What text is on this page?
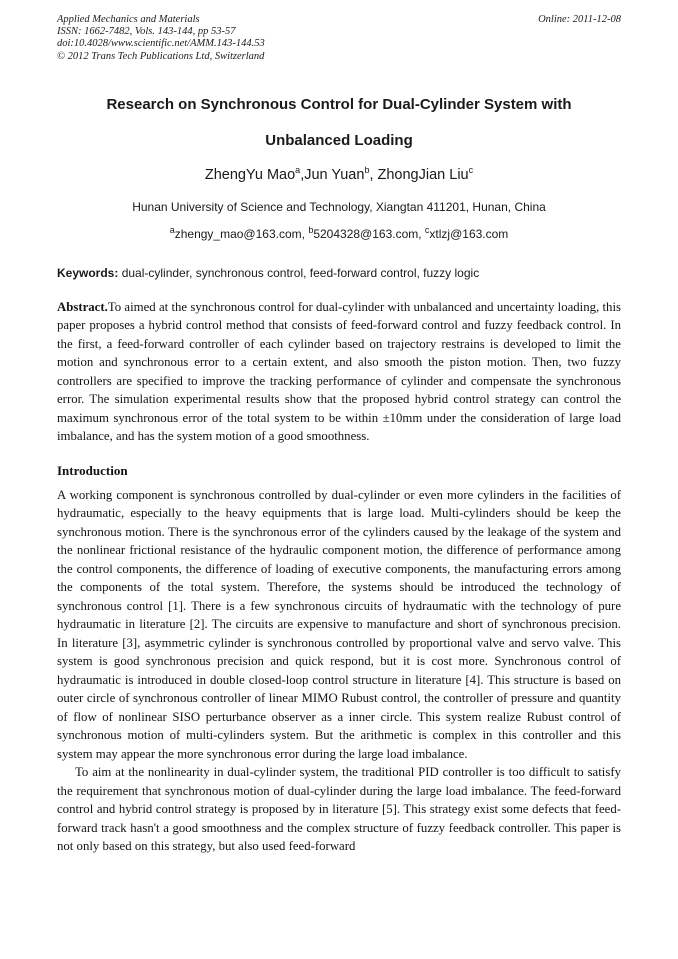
Applied Mechanics and Materials
ISSN: 1662-7482, Vols. 143-144, pp 53-57
doi:10.4028/www.scientific.net/AMM.143-144.53
© 2012 Trans Tech Publications Ltd, Switzerland
Online: 2011-12-08
Research on Synchronous Control for Dual-Cylinder System with
Unbalanced Loading
ZhengYu Mao$^a$,Jun Yuan$^b$, ZhongJian Liu$^c$
Hunan University of Science and Technology, Xiangtan 411201, Hunan, China
$^a$zhengy_mao@163.com, $^b$5204328@163.com, $^c$xtlzj@163.com
Keywords: dual-cylinder, synchronous control, feed-forward control, fuzzy logic

Abstract.To aimed at the synchronous control for dual-cylinder with unbalanced and uncertainty loading, this paper proposes a hybrid control method that consists of feed-forward control and fuzzy feedback control. In the first, a feed-forward controller of each cylinder based on trajectory restrains is developed to limit the motion and synchronous error to a certain extent, and also smooth the piston motion. Then, two fuzzy controllers are specified to improve the tracking performance of cylinder and compensate the synchronous error. The simulation experimental results show that the proposed hybrid control strategy can control the maximum synchronous error of the total system to be within ±10mm under the consideration of large load imbalance, and has the system motion of a good smoothness.

Introduction

A working component is synchronous controlled by dual-cylinder or even more cylinders in the facilities of hydraumatic, especially to the heavy equipments that is large load. Multi-cylinders should be keep the synchronous motion. There is the synchronous error of the cylinders caused by the leakage of the system and the nonlinear frictional resistance of the hydraulic component motion, the difference of performance among the control components, the difference of loading of executive components, the manufacturing errors among the components of the total system. Therefore, the systems should be introduced the technology of synchronous control [1]. There is a few synchronous circuits of hydraumatic with the technology of pure hydraumatic in literature [2]. The circuits are expensive to manufacture and short of synchronous precision. In literature [3], asymmetric cylinder is synchronous controlled by proportional valve and servo valve. This system is good synchronous precision and quick respond, but it is cost more. Synchronous control of hydraumatic is introduced in double closed-loop control structure in literature [4]. This structure is based on outer circle of synchronous controller of linear MIMO Rubust control, the controller of pressure and quantity of flow of nonlinear SISO perturbance observer as a inner circle. This system realize Rubust control of synchronous motion of multi-cylinders system. But the arithmetic is complex in this controller and this system may appear the more synchronous error during the large load imbalance.

To aim at the nonlinearity in dual-cylinder system, the traditional PID controller is too difficult to satisfy the requirement that synchronous motion of dual-cylinder during the large load imbalance. The feed-forward control and hybrid control strategy is proposed by in literature [5]. This strategy exist some defects that feed-forward track hasn't a good smoothness and the complex structure of fuzzy feedback controller. This paper is not only based on this strategy, but also used feed-forward
